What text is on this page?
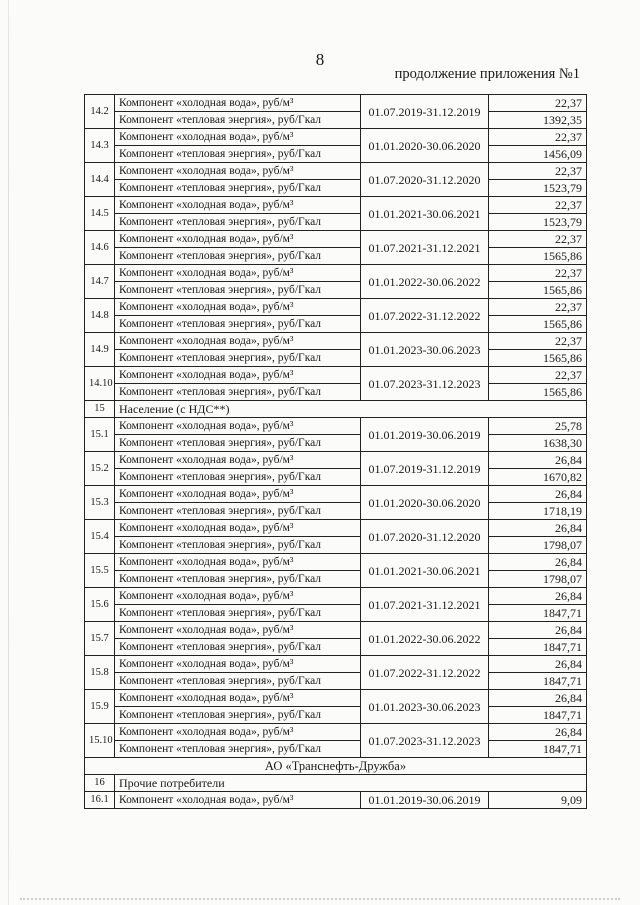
8
продолжение приложения №1
14.2	Компонент «холодная вода», руб/м³	01.07.2019-31.12.2019	22,37
	Компонент «тепловая энергия», руб/Гкал		1392,35
14.3	Компонент «холодная вода», руб/м³	01.01.2020-30.06.2020	22,37
	Компонент «тепловая энергия», руб/Гкал		1456,09
14.4	Компонент «холодная вода», руб/м³	01.07.2020-31.12.2020	22,37
	Компонент «тепловая энергия», руб/Гкал		1523,79
14.5	Компонент «холодная вода», руб/м³	01.01.2021-30.06.2021	22,37
	Компонент «тепловая энергия», руб/Гкал		1523,79
14.6	Компонент «холодная вода», руб/м³	01.07.2021-31.12.2021	22,37
	Компонент «тепловая энергия», руб/Гкал		1565,86
14.7	Компонент «холодная вода», руб/м³	01.01.2022-30.06.2022	22,37
	Компонент «тепловая энергия», руб/Гкал		1565,86
14.8	Компонент «холодная вода», руб/м³	01.07.2022-31.12.2022	22,37
	Компонент «тепловая энергия», руб/Гкал		1565,86
14.9	Компонент «холодная вода», руб/м³	01.01.2023-30.06.2023	22,37
	Компонент «тепловая энергия», руб/Гкал		1565,86
14.10	Компонент «холодная вода», руб/м³	01.07.2023-31.12.2023	22,37
	Компонент «тепловая энергия», руб/Гкал		1565,86
15	Население (с НДС**)		
15.1	Компонент «холодная вода», руб/м³	01.01.2019-30.06.2019	25,78
	Компонент «тепловая энергия», руб/Гкал		1638,30
15.2	Компонент «холодная вода», руб/м³	01.07.2019-31.12.2019	26,84
	Компонент «тепловая энергия», руб/Гкал		1670,82
15.3	Компонент «холодная вода», руб/м³	01.01.2020-30.06.2020	26,84
	Компонент «тепловая энергия», руб/Гкал		1718,19
15.4	Компонент «холодная вода», руб/м³	01.07.2020-31.12.2020	26,84
	Компонент «тепловая энергия», руб/Гкал		1798,07
15.5	Компонент «холодная вода», руб/м³	01.01.2021-30.06.2021	26,84
	Компонент «тепловая энергия», руб/Гкал		1798,07
15.6	Компонент «холодная вода», руб/м³	01.07.2021-31.12.2021	26,84
	Компонент «тепловая энергия», руб/Гкал		1847,71
15.7	Компонент «холодная вода», руб/м³	01.01.2022-30.06.2022	26,84
	Компонент «тепловая энергия», руб/Гкал		1847,71
15.8	Компонент «холодная вода», руб/м³	01.07.2022-31.12.2022	26,84
	Компонент «тепловая энергия», руб/Гкал		1847,71
15.9	Компонент «холодная вода», руб/м³	01.01.2023-30.06.2023	26,84
	Компонент «тепловая энергия», руб/Гкал		1847,71
15.10	Компонент «холодная вода», руб/м³	01.07.2023-31.12.2023	26,84
	Компонент «тепловая энергия», руб/Гкал		1847,71
АО «Транснефть-Дружба»			
16	Прочие потребители		
16.1	Компонент «холодная вода», руб/м³	01.01.2019-30.06.2019	9,09
